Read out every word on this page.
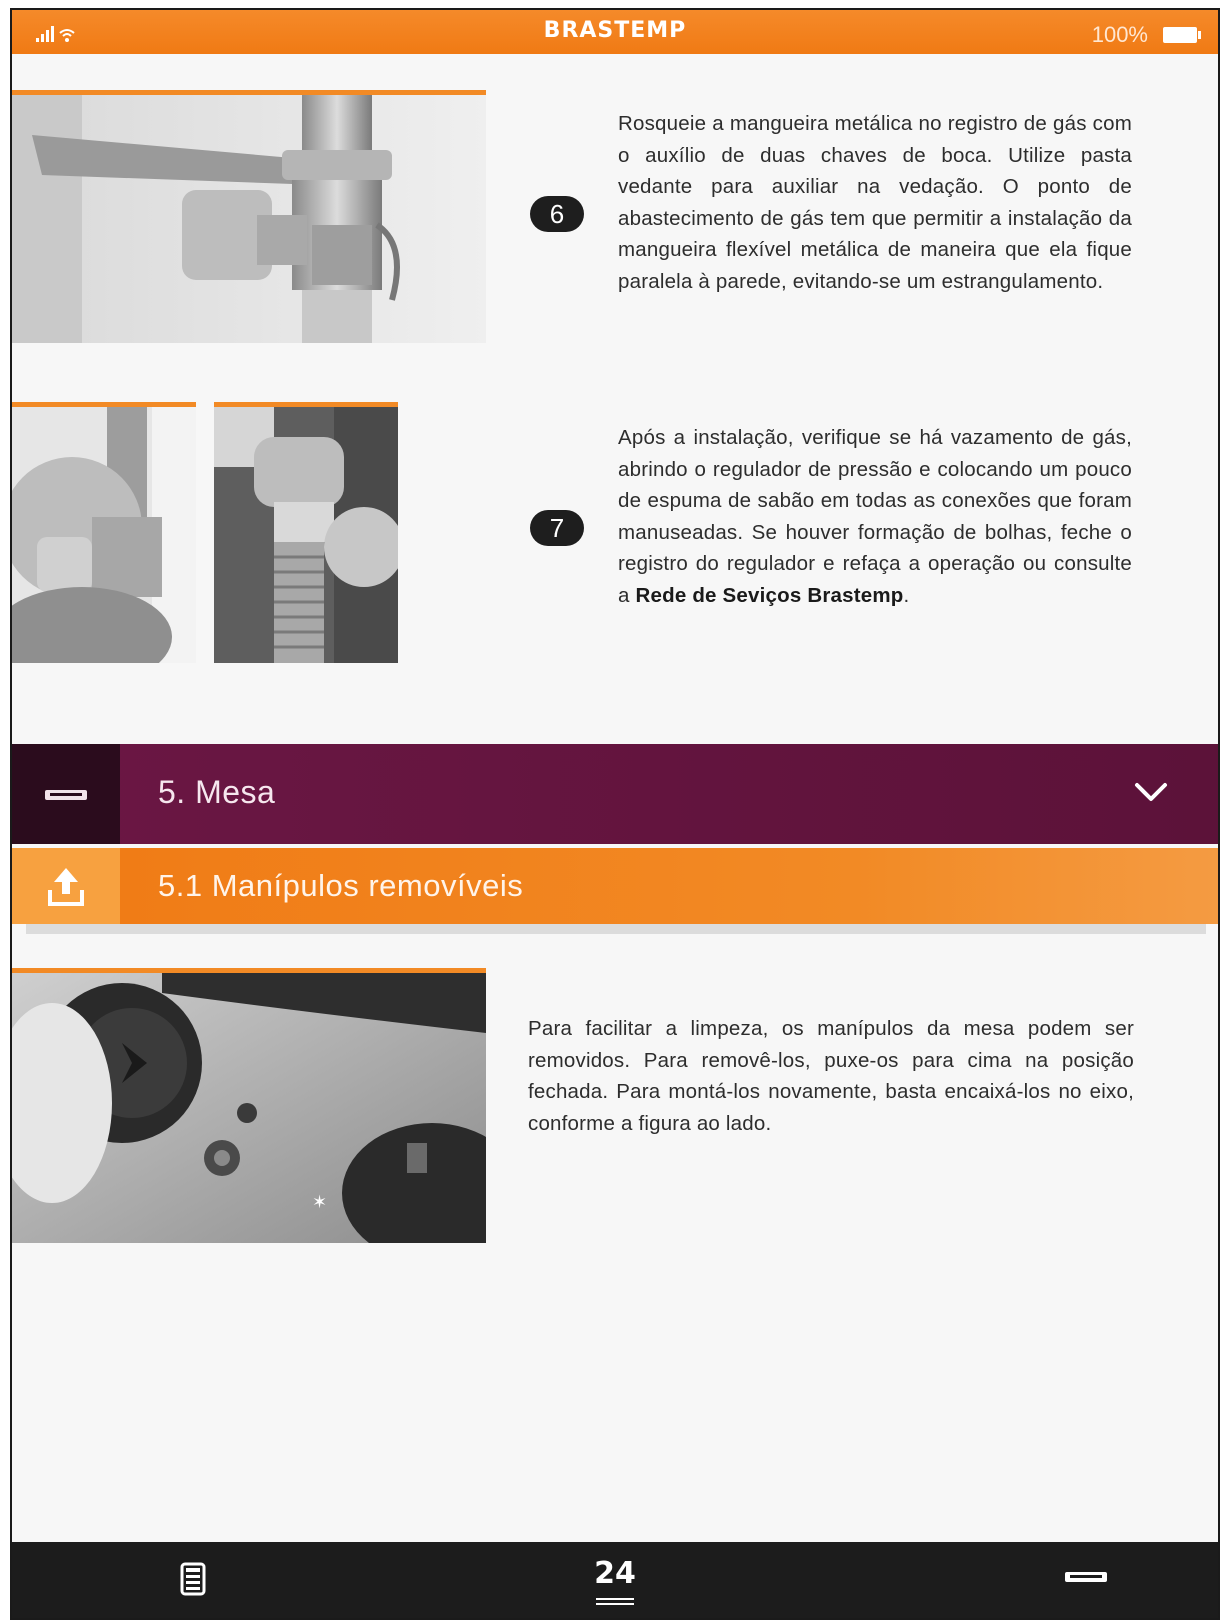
BRASTEMP	100%
6
Rosqueie a mangueira metálica no registro de gás com o auxílio de duas chaves de boca. Utilize pasta vedante para auxiliar na vedação. O ponto de abastecimento de gás tem que permitir a instalação da mangueira flexível metálica de maneira que ela fique paralela à parede, evitando-se um estrangulamento.
7
Após a instalação, verifique se há vazamento de gás, abrindo o regulador de pressão e colocando um pouco de espuma de sabão em todas as conexões que foram manuseadas. Se houver formação de bolhas, feche o registro do regulador e refaça a operação ou consulte a Rede de Seviços Brastemp.
5. Mesa
5.1 Manípulos removíveis
✶
Para facilitar a limpeza, os manípulos da mesa podem ser removidos. Para removê-los, puxe-os para cima na posição fechada. Para montá-los novamente, basta encaixá-los no eixo, conforme a figura ao lado.
24
